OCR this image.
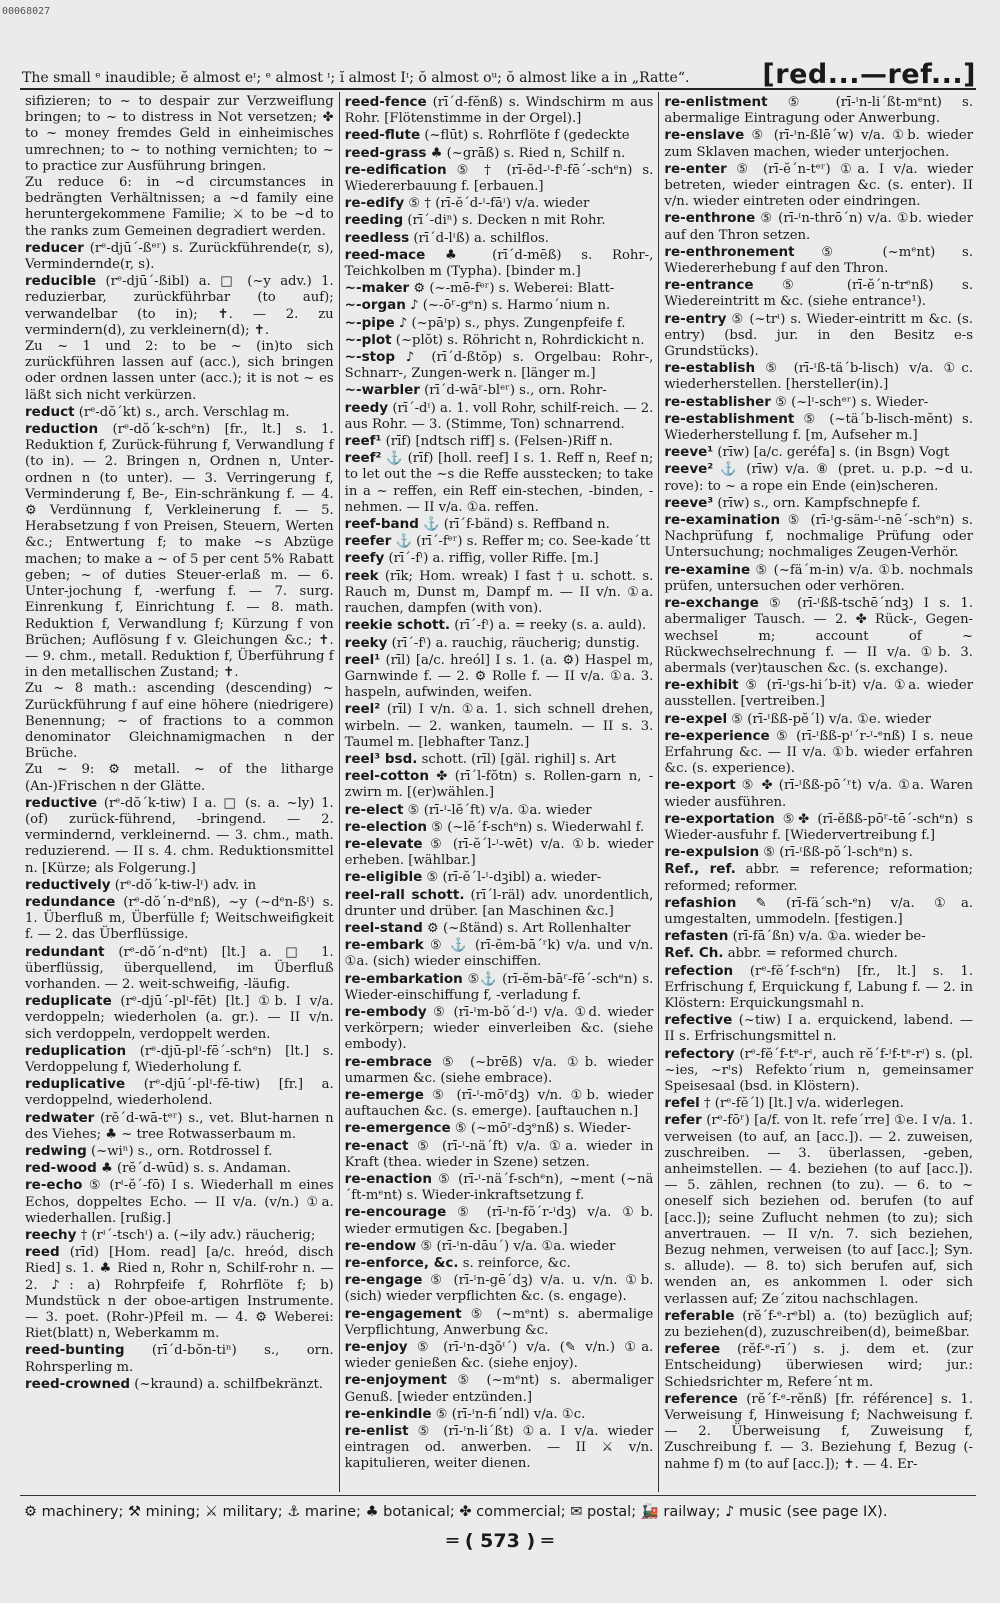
00068027
The small ᵉ inaudible; ĕ almost eᶦ; ᵉ almost ᶦ; ĭ almost Iᶦ; ŏ almost oᵘ; ŏ almost like a in „Ratte“.	[red...—ref...]

sifizieren; to ~ to despair zur Verzweiflung bringen; to ~ to distress in Not versetzen; ✤ to ~ money fremdes Geld in einheimisches umrechnen; to ~ to nothing vernichten; to ~ to practice zur Ausführung bringen.

Zu reduce 6: in ~d circumstances in bedrängten Verhältnissen; a ~d family eine heruntergekommene Familie; ⚔ to be ~d to the ranks zum Gemeinen degradiert werden.

reducer (rᵉ-djū´-ßᵉʳ) s. Zurückführende(r, s), Vermindernde(r, s).

reducible (rᵉ-djū´-ßibl) a. □ (~y adv.) 1. reduzierbar, zurückführbar (to auf); verwandelbar (to in); ✝. — 2. zu vermindern(d), zu verkleinern(d); ✝.

Zu ~ 1 und 2: to be ~ (in)to sich zurückführen lassen auf (acc.), sich bringen oder ordnen lassen unter (acc.); it is not ~ es läßt sich nicht verkürzen.

reduct (rᵉ-dŏ´kt) s., arch. Verschlag m.

reduction (rᵉ-dŏ´k-schᵉn) [fr., lt.] s. 1. Reduktion f, Zurück-führung f, Verwandlung f (to in). — 2. Bringen n, Ordnen n, Unter-ordnen n (to unter). — 3. Verringerung f, Verminderung f, Be-, Ein-schränkung f. — 4. ⚙ Verdünnung f, Verkleinerung f. — 5. Herabsetzung f von Preisen, Steuern, Werten &c.; Entwertung f; to make ~s Abzüge machen; to make a ~ of 5 per cent 5% Rabatt geben; ~ of duties Steuer-erlaß m. — 6. Unter-jochung f, -werfung f. — 7. surg. Einrenkung f, Einrichtung f. — 8. math. Reduktion f, Verwandlung f; Kürzung f von Brüchen; Auflösung f v. Gleichungen &c.; ✝. — 9. chm., metall. Reduktion f, Überführung f in den metallischen Zustand; ✝.

Zu ~ 8 math.: ascending (descending) ~ Zurückführung f auf eine höhere (niedrigere) Benennung; ~ of fractions to a common denominator Gleichnamigmachen n der Brüche.

Zu ~ 9: ⚙ metall. ~ of the litharge (An-)Frischen n der Glätte.

reductive (rᵉ-dŏ´k-tiw) I a. □ (s. a. ~ly) 1. (of) zurück-führend, -bringend. — 2. vermindernd, verkleinernd. — 3. chm., math. reduzierend. — II s. 4. chm. Reduktionsmittel n. [Kürze; als Folgerung.]

reductively (rᵉ-dŏ´k-tiw-lᶦ) adv. in

redundance (rᵉ-dŏ´n-dᵉnß), ~y (~dᵉn-ßᶦ) s. 1. Überfluß m, Überfülle f; Weitschweifigkeit f. — 2. das Überflüssige.

redundant (rᵉ-dŏ´n-dᵉnt) [lt.] a. □ 1. überflüssig, überquellend, im Überfluß vorhanden. — 2. weit-schweifig, -läufig.

reduplicate (rᵉ-djū´-plᶦ-fēt) [lt.] ①b. I v/a. verdoppeln; wiederholen (a. gr.). — II v/n. sich verdoppeln, verdoppelt werden.

reduplication (rᵉ-djū-plᶦ-fē´-schᵉn) [lt.] s. Verdoppelung f, Wiederholung f.

reduplicative (rᵉ-djū´-plᶦ-fē-tiw) [fr.] a. verdoppelnd, wiederholend.

redwater (rĕ´d-wā-tᵉʳ) s., vet. Blut-harnen n des Viehes; ♣ ~ tree Rotwasserbaum m.

redwing (~wiⁿ) s., orn. Rotdrossel f.

red-wood ♣ (rĕ´d-wūd) s. s. Andaman.

re-echo ⑤ (rᶦ-ĕ´-fō) I s. Wiederhall m eines Echos, doppeltes Echo. — II v/a. (v/n.) ①a. wiederhallen. [rußig.]

reechy † (rᶦ´-tschᶦ) a. (~ily adv.) räucherig;

reed (rīd) [Hom. read] [a/c. hreód, disch Ried] s. 1. ♣ Ried n, Rohr n, Schilf-rohr n. — 2. ♪: a) Rohrpfeife f, Rohrflöte f; b) Mundstück n der oboe-artigen Instrumente. — 3. poet. (Rohr-)Pfeil m. — 4. ⚙ Weberei: Riet(blatt) n, Weberkamm m.

reed-bunting (rī´d-bŏn-tiⁿ) s., orn. Rohrsperling m.

reed-crowned (~kraund) a. schilfbekränzt.

reed-fence (rī´d-fĕnß) s. Windschirm m aus Rohr. [Flötenstimme in der Orgel).]

reed-flute (~flūt) s. Rohrflöte f (gedeckte

reed-grass ♣ (~grāß) s. Ried n, Schilf n.

re-edification ⑤ † (rī-ĕd-ᶦ-fᶦ-fē´-schᵉn) s. Wiedererbauung f. [erbauen.]

re-edify ⑤ † (rī-ĕ´d-ᶦ-fāᶦ) v/a. wieder

reeding (rī´-diⁿ) s. Decken n mit Rohr.

reedless (rī´d-lᶦß) a. schilflos.

reed-mace ♣ (rī´d-mēß) s. Rohr-, Teichkolben m (Typha). [binder m.]

~-maker ⚙ (~-mē-fᵉʳ) s. Weberei: Blatt-

~-organ ♪ (~-ōʳ-gᵉn) s. Harmo´nium n.

~-pipe ♪ (~pāᶦp) s., phys. Zungenpfeife f.

~-plot (~plŏt) s. Röhricht n, Rohrdickicht n.

~-stop ♪ (rī´d-ßtŏp) s. Orgelbau: Rohr-, Schnarr-, Zungen-werk n. [länger m.]

~-warbler (rī´d-wāʳ-blᵉʳ) s., orn. Rohr-

reedy (rī´-dᶦ) a. 1. voll Rohr, schilf-reich. — 2. aus Rohr. — 3. (Stimme, Ton) schnarrend.

reef¹ (rīf) [ndtsch riff] s. (Felsen-)Riff n.

reef² ⚓ (rīf) [holl. reef] I s. 1. Reff n, Reef n; to let out the ~s die Reffe ausstecken; to take in a ~ reffen, ein Reff ein-stechen, -binden, -nehmen. — II v/a. ①a. reffen.

reef-band ⚓ (rī´f-bänd) s. Reffband n.

reefer ⚓ (rī´-fᵉʳ) s. Reffer m; co. See-kade´tt

reefy (rī´-fᶦ) a. riffig, voller Riffe. [m.]

reek (rīk; Hom. wreak) I fast † u. schott. s. Rauch m, Dunst m, Dampf m. — II v/n. ①a. rauchen, dampfen (with von).

reekie schott. (rī´-fᶦ) a. = reeky (s. a. auld).

reeky (rī´-fᶦ) a. rauchig, räucherig; dunstig.

reel¹ (rīl) [a/c. hreól] I s. 1. (a. ⚙) Haspel m, Garnwinde f. — 2. ⚙ Rolle f. — II v/a. ①a. 3. haspeln, aufwinden, weifen.

reel² (rīl) I v/n. ①a. 1. sich schnell drehen, wirbeln. — 2. wanken, taumeln. — II s. 3. Taumel m. [lebhafter Tanz.]

reel³ bsd. schott. (rīl) [gäl. righil] s. Art

reel-cotton ✤ (rī´l-fŏtn) s. Rollen-garn n, -zwirn m. [(er)wählen.]

re-elect ⑤ (rī-ᶦ-lĕ´ft) v/a. ①a. wieder

re-election ⑤ (~lĕ´f-schᵉn) s. Wiederwahl f.

re-elevate ⑤ (rī-ĕ´l-ᶦ-wēt) v/a. ①b. wieder erheben. [wählbar.]

re-eligible ⑤ (rī-ĕ´l-ᶦ-dꝫibl) a. wieder-

reel-rall schott. (rī´l-räl) adv. unordentlich, drunter und drüber. [an Maschinen &c.]

reel-stand ⚙ (~ßtänd) s. Art Rollenhalter

re-embark ⑤ ⚓ (rī-ĕm-bā´ʳk) v/a. und v/n. ①a. (sich) wieder einschiffen.

re-embarkation ⑤⚓ (rī-ĕm-bāʳ-fē´-schᵉn) s. Wieder-einschiffung f, -verladung f.

re-embody ⑤ (rī-ᶦm-bŏ´d-ᶦ) v/a. ①d. wieder verkörpern; wieder einverleiben &c. (siehe embody).

re-embrace ⑤ (~brēß) v/a. ①b. wieder umarmen &c. (siehe embrace).

re-emerge ⑤ (rī-ᶦ-mōʳdꝫ) v/n. ①b. wieder auftauchen &c. (s. emerge). [auftauchen n.]

re-emergence ⑤ (~mōʳ-dꝫᵉnß) s. Wieder-

re-enact ⑤ (rī-ᶦ-nä´ft) v/a. ①a. wieder in Kraft (thea. wieder in Szene) setzen.

re-enaction ⑤ (rī-ᶦ-nä´f-schᵉn), ~ment (~nä´ft-mᵉnt) s. Wieder-inkraftsetzung f.

re-encourage ⑤ (rī-ᶦn-fŏ´r-ᶦdꝫ) v/a. ①b. wieder ermutigen &c. [begaben.]

re-endow ⑤ (rī-ᶦn-dāu´) v/a. ①a. wieder

re-enforce, &c. s. reinforce, &c.

re-engage ⑤ (rī-ᶦn-gē´dꝫ) v/a. u. v/n. ①b. (sich) wieder verpflichten &c. (s. engage).

re-engagement ⑤ (~mᵉnt) s. abermalige Verpflichtung, Anwerbung &c.

re-enjoy ⑤ (rī-ᶦn-dꝫŏᶦ´) v/a. (✎ v/n.) ①a. wieder genießen &c. (siehe enjoy).

re-enjoyment ⑤ (~mᵉnt) s. abermaliger Genuß. [wieder entzünden.]

re-enkindle ⑤ (rī-ᶦn-fi´ndl) v/a. ①c.

re-enlist ⑤ (rī-ᶦn-li´ßt) ①a. I v/a. wieder eintragen od. anwerben. — II ⚔ v/n. kapitulieren, weiter dienen.

re-enlistment ⑤ (rī-ᶦn-li´ßt-mᵉnt) s. abermalige Eintragung oder Anwerbung.

re-enslave ⑤ (rī-ᶦn-ßlē´w) v/a. ①b. wieder zum Sklaven machen, wieder unterjochen.

re-enter ⑤ (rī-ĕ´n-tᵉʳ) ①a. I v/a. wieder betreten, wieder eintragen &c. (s. enter). II v/n. wieder eintreten oder eindringen.

re-enthrone ⑤ (rī-ᶦn-thrō´n) v/a. ①b. wieder auf den Thron setzen.

re-enthronement ⑤ (~mᵉnt) s. Wiedererhebung f auf den Thron.

re-entrance ⑤ (rī-ĕ´n-trᵉnß) s. Wiedereintritt m &c. (siehe entrance¹).

re-entry ⑤ (~trᶦ) s. Wieder-eintritt m &c. (s. entry) (bsd. jur. in den Besitz e-s Grundstücks).

re-establish ⑤ (rī-ᶦß-tä´b-lisch) v/a. ①c. wiederherstellen. [hersteller(in).]

re-establisher ⑤ (~lᶦ-schᵉʳ) s. Wieder-

re-establishment ⑤ (~tä´b-lisch-mĕnt) s. Wiederherstellung f. [m, Aufseher m.]

reeve¹ (rīw) [a/c. geréfa] s. (in Bsgn) Vogt

reeve² ⚓ (rīw) v/a. ⑧ (pret. u. p.p. ~d u. rove): to ~ a rope ein Ende (ein)scheren.

reeve³ (rīw) s., orn. Kampfschnepfe f.

re-examination ⑤ (rī-ᶦg-säm-ᶦ-nē´-schᵉn) s. Nachprüfung f, nochmalige Prüfung oder Untersuchung; nochmaliges Zeugen-Verhör.

re-examine ⑤ (~fä´m-in) v/a. ①b. nochmals prüfen, untersuchen oder verhören.

re-exchange ⑤ (rī-ᶦßß-tschē´ndꝫ) I s. 1. abermaliger Tausch. — 2. ✤ Rück-, Gegen-wechsel m; account of ~ Rückwechselrechnung f. — II v/a. ①b. 3. abermals (ver)tauschen &c. (s. exchange).

re-exhibit ⑤ (rī-ᶦgs-hi´b-it) v/a. ①a. wieder ausstellen. [vertreiben.]

re-expel ⑤ (rī-ᶦßß-pĕ´l) v/a. ①e. wieder

re-experience ⑤ (rī-ᶦßß-pᶦ´r-ᶦ-ᵉnß) I s. neue Erfahrung &c. — II v/a. ①b. wieder erfahren &c. (s. experience).

re-export ⑤ ✤ (rī-ᶦßß-pō´ʳt) v/a. ①a. Waren wieder ausführen.

re-exportation ⑤✤ (rī-ĕßß-pōʳ-tē´-schᵉn) s Wieder-ausfuhr f. [Wiedervertreibung f.]

re-expulsion ⑤ (rī-ᶦßß-pŏ´l-schᵉn) s.

Ref., ref. abbr. = reference; reformation; reformed; reformer.

refashion ✎ (rī-fä´sch-ᵉn) v/a. ①a. umgestalten, ummodeln. [festigen.]

refasten (rī-fā´ßn) v/a. ①a. wieder be-

Ref. Ch. abbr. = reformed church.

refection (rᵉ-fĕ´f-schᵉn) [fr., lt.] s. 1. Erfrischung f, Erquickung f, Labung f. — 2. in Klöstern: Erquickungsmahl n.

refective (~tiw) I a. erquickend, labend. — II s. Erfrischungsmittel n.

refectory (rᵉ-fĕ´f-tᵉ-rᶦ, auch rĕ´f-ᶦf-tᵉ-rᶦ) s. (pl. ~ies, ~rᶦs) Refekto´rium n, gemeinsamer Speisesaal (bsd. in Klöstern).

refel † (rᵉ-fĕ´l) [lt.] v/a. widerlegen.

refer (rᵉ-fōʳ) [a/f. von lt. refe´rre] ①e. I v/a. 1. verweisen (to auf, an [acc.]). — 2. zuweisen, zuschreiben. — 3. überlassen, -geben, anheimstellen. — 4. beziehen (to auf [acc.]). — 5. zählen, rechnen (to zu). — 6. to ~ oneself sich beziehen od. berufen (to auf [acc.]); seine Zuflucht nehmen (to zu); sich anvertrauen. — II v/n. 7. sich beziehen, Bezug nehmen, verweisen (to auf [acc.]; Syn. s. allude). — 8. to) sich berufen auf, sich wenden an, es ankommen l. oder sich verlassen auf; Ze´zitou nachschlagen.

referable (rĕ´f-ᵉ-rᵉbl) a. (to) bezüglich auf; zu beziehen(d), zuzuschreiben(d), beimeßbar.

referee (rĕf-ᵉ-rī´) s. j. dem et. (zur Entscheidung) überwiesen wird; jur.: Schiedsrichter m, Refere´nt m.

reference (rĕ´f-ᵉ-rĕnß) [fr. référence] s. 1. Verweisung f, Hinweisung f; Nachweisung f. — 2. Überweisung f, Zuweisung f, Zuschreibung f. — 3. Beziehung f, Bezug (-nahme f) m (to auf [acc.]); ✝. — 4. Er-

⚙ machinery; ⚒ mining; ⚔ military; ⚓ marine; ♣ botanical; ✤ commercial; ✉ postal; 🚂 railway; ♪ music (see page IX).
═ ( 573 ) ═
